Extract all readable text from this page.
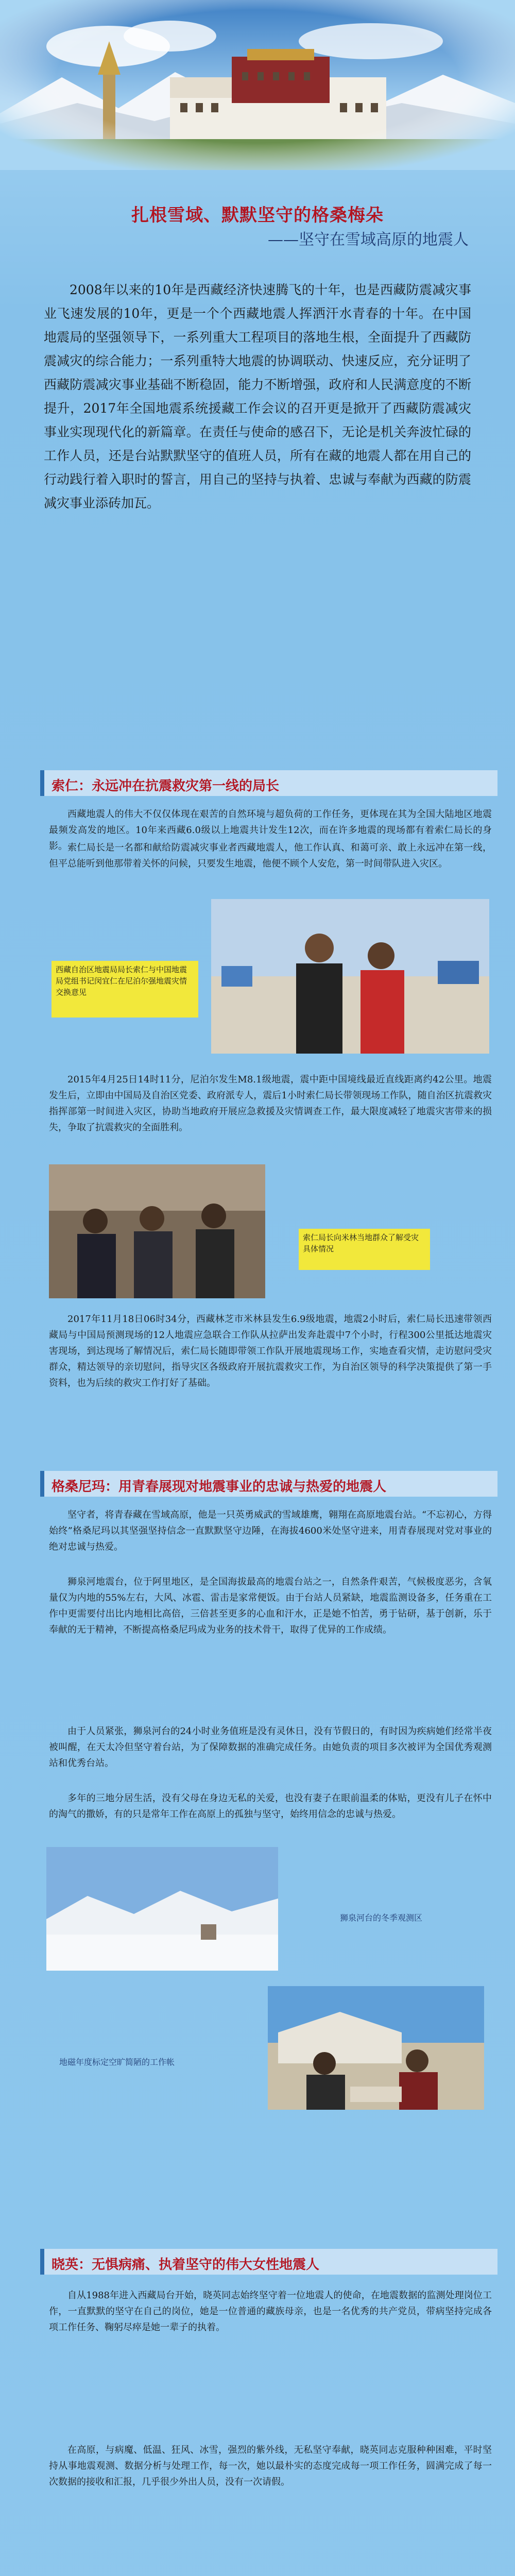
扎根雪域、默默坚守的格桑梅朵
——坚守在雪域高原的地震人
2008年以来的10年是西藏经济快速腾飞的十年，也是西藏防震减灾事业飞速发展的10年，更是一个个西藏地震人挥洒汗水青春的十年。在中国地震局的坚强领导下，一系列重大工程项目的落地生根，全面提升了西藏防震减灾的综合能力；一系列重特大地震的协调联动、快速反应，充分证明了西藏防震减灾事业基础不断稳固，能力不断增强，政府和人民满意度的不断提升，2017年全国地震系统援藏工作会议的召开更是掀开了西藏防震减灾事业实现现代化的新篇章。在责任与使命的感召下，无论是机关奔波忙碌的工作人员，还是台站默默坚守的值班人员，所有在藏的地震人都在用自己的行动践行着入职时的誓言，用自己的坚持与执着、忠诚与奉献为西藏的防震减灾事业添砖加瓦。
索仁：永远冲在抗震救灾第一线的局长
西藏地震人的伟大不仅仅体现在艰苦的自然环境与超负荷的工作任务，更体现在其为全国大陆地区地震最频发高发的地区。10年来西藏6.0级以上地震共计发生12次，而在许多地震的现场都有着索仁局长的身影。 索仁局长是一名都和献给防震减灾事业者西藏地震人，他工作认真、和蔼可亲、敢上永远冲在第一线，但平总能听到他那带着关怀的问候，只要发生地震，他便不顾个人安危，第一时间带队进入灾区。
西藏自治区地震局局长索仁与中国地震局党组书记闵宜仁在尼泊尔强地震灾情交换意见
2015年4月25日14时11分，尼泊尔发生M8.1级地震，震中距中国境线最近直线距离约42公里。地震发生后，立即由中国局及自治区党委、政府派专人，震后1小时索仁局长带领现场工作队，随自治区抗震救灾指挥部第一时间进入灾区，协助当地政府开展应急救援及灾情调查工作，最大限度减轻了地震灾害带来的损失，争取了抗震救灾的全面胜利。
索仁局长向米林当地群众了解受灾具体情况
2017年11月18日06时34分，西藏林芝市米林县发生6.9级地震，地震2小时后，索仁局长迅速带领西藏局与中国局预测现场的12人地震应急联合工作队从拉萨出发奔赴震中7个小时，行程300公里抵达地震灾害现场，到达现场了解情况后，索仁局长随即带领工作队开展地震现场工作，实地查看灾情，走访慰问受灾群众，精达领导的亲切慰问，指导灾区各级政府开展抗震救灾工作，为自治区领导的科学决策提供了第一手资料，也为后续的救灾工作打好了基础。
格桑尼玛：用青春展现对地震事业的忠诚与热爱的地震人
坚守者，将青春藏在雪域高原，他是一只英勇威武的雪域雄鹰，翱翔在高原地震台站。“不忘初心，方得始终”格桑尼玛以其坚强坚持信念一直默默坚守边陲，在海拔4600米处坚守进来，用青春展现对党对事业的绝对忠诚与热爱。
狮泉河地震台，位于阿里地区，是全国海拔最高的地震台站之一，自然条件艰苦，气候极度恶劣，含氧量仅为内地的55%左右，大风、冰雹、雷击是家常便饭。由于台站人员紧缺，地震监测设备多，任务重在工作中更需要付出比内地相比高倍，三倍甚至更多的心血和汗水，正是她不怕苦，勇于钻研，基于创新，乐于奉献的无于精神，不断提高格桑尼玛成为业务的技术骨干，取得了优异的工作成绩。
由于人员紧张，狮泉河台的24小时业务值班是没有灵休日，没有节假日的，有时因为疾病她们经常半夜被叫醒，在天太冷但坚守着台站，为了保障数据的准确完成任务。由她负责的项目多次被评为全国优秀观测站和优秀台站。
多年的三地分居生活，没有父母在身边无私的关爱，也没有妻子在眼前温柔的体贴，更没有儿子在怀中的淘气的撒娇，有的只是常年工作在高原上的孤独与坚守，始终用信念的忠诚与热爱。
狮泉河台的冬季观测区
地磁年度标定空旷简陋的工作帐
晓英：无惧病痛、执着坚守的伟大女性地震人
自从1988年进入西藏局台开始，晓英同志始终坚守着一位地震人的使命，在地震数据的监测处理岗位工作，一直默默的坚守在自己的岗位，她是一位普通的藏族母亲，也是一名优秀的共产党员，带病坚持完成各项工作任务、鞠躬尽瘁是她一辈子的执着。
在高原，与病魔、低温、狂风、冰雪，强烈的紫外线，无私坚守奉献，晓英同志克服种种困难，平时坚持从事地震观测、数据分析与处理工作，每一次，她以最朴实的态度完成每一项工作任务，圆满完成了每一次数据的接收和汇报，几乎很少外出人员，没有一次请假。
